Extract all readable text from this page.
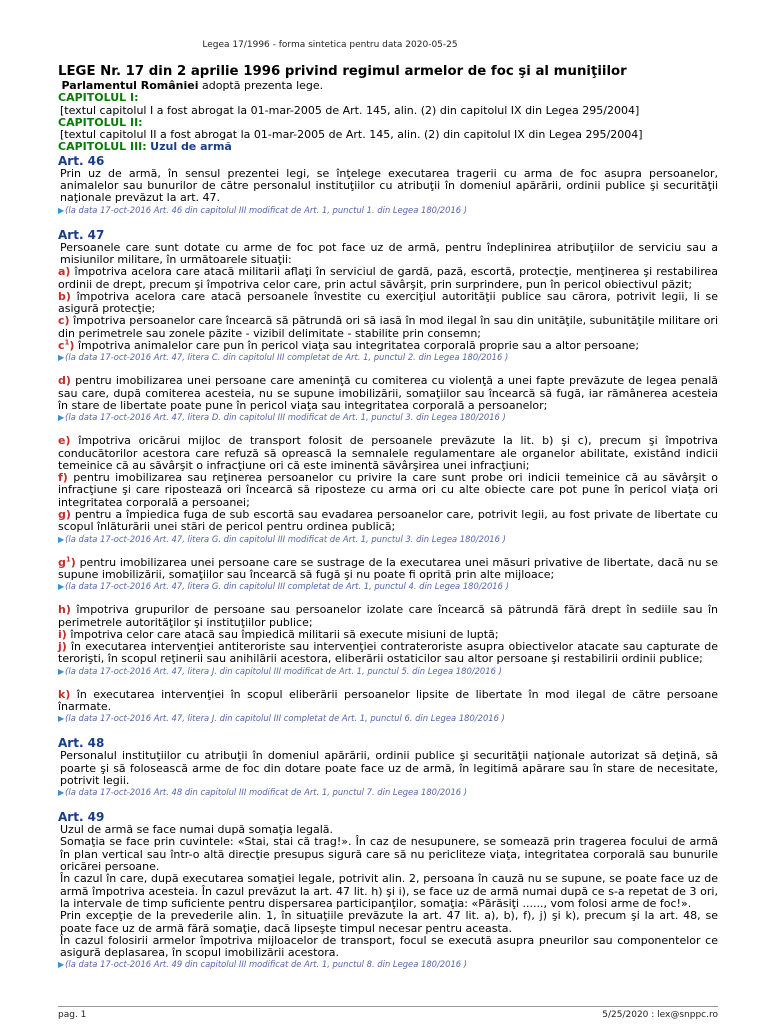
Legea 17/1996 - forma sintetica pentru data 2020-05-25
LEGE Nr. 17 din 2 aprilie 1996 privind regimul armelor de foc şi al muniţiilor
Parlamentul României adoptă prezenta lege.
CAPITOLUL I:
[textul capitolul I a fost abrogat la 01-mar-2005 de Art. 145, alin. (2) din capitolul IX din Legea 295/2004]
CAPITOLUL II:
[textul capitolul II a fost abrogat la 01-mar-2005 de Art. 145, alin. (2) din capitolul IX din Legea 295/2004]
CAPITOLUL III: Uzul de armă
Art. 46
Prin uz de armă, în sensul prezentei legi, se înţelege executarea tragerii cu arma de foc asupra persoanelor, animalelor sau bunurilor de către personalul instituţiilor cu atribuţii în domeniul apărării, ordinii publice şi securităţii naţionale prevăzut la art. 47.
▶(la data 17-oct-2016 Art. 46 din capitolul III modificat de Art. 1, punctul 1. din Legea 180/2016 )
Art. 47
Persoanele care sunt dotate cu arme de foc pot face uz de armă, pentru îndeplinirea atribuţiilor de serviciu sau a misiunilor militare, în următoarele situaţii:
a) împotriva acelora care atacă militarii aflaţi în serviciul de gardă, pază, escortă, protecţie, menţinerea şi restabilirea ordinii de drept, precum şi împotriva celor care, prin actul săvârşit, prin surprindere, pun în pericol obiectivul păzit;
b) împotriva acelora care atacă persoanele învestite cu exerciţiul autorităţii publice sau cărora, potrivit legii, li se asigură protecţie;
c) împotriva persoanelor care încearcă să pătrundă ori să iasă în mod ilegal în sau din unităţile, subunităţile militare ori din perimetrele sau zonele păzite - vizibil delimitate - stabilite prin consemn;
$c^1$) împotriva animalelor care pun în pericol viaţa sau integritatea corporală proprie sau a altor persoane;
▶(la data 17-oct-2016 Art. 47, litera C. din capitolul III completat de Art. 1, punctul 2. din Legea 180/2016 )
d) pentru imobilizarea unei persoane care ameninţă cu comiterea cu violenţă a unei fapte prevăzute de legea penală sau care, după comiterea acesteia, nu se supune imobilizării, somaţiilor sau încearcă să fugă, iar rămânerea acesteia în stare de libertate poate pune în pericol viaţa sau integritatea corporală a persoanelor;
▶(la data 17-oct-2016 Art. 47, litera D. din capitolul III modificat de Art. 1, punctul 3. din Legea 180/2016 )
e) împotriva oricărui mijloc de transport folosit de persoanele prevăzute la lit. b) şi c), precum şi împotriva conducătorilor acestora care refuză să oprească la semnalele regulamentare ale organelor abilitate, existând indicii temeinice că au săvârşit o infracţiune ori că este iminentă săvârşirea unei infracţiuni;
f) pentru imobilizarea sau reţinerea persoanelor cu privire la care sunt probe ori indicii temeinice că au săvârşit o infracţiune şi care ripostează ori încearcă să riposteze cu arma ori cu alte obiecte care pot pune în pericol viaţa ori integritatea corporală a persoanei;
g) pentru a împiedica fuga de sub escortă sau evadarea persoanelor care, potrivit legii, au fost private de libertate cu scopul înlăturării unei stări de pericol pentru ordinea publică;
▶(la data 17-oct-2016 Art. 47, litera G. din capitolul III modificat de Art. 1, punctul 3. din Legea 180/2016 )
$g^1$) pentru imobilizarea unei persoane care se sustrage de la executarea unei măsuri privative de libertate, dacă nu se supune imobilizării, somaţiilor sau încearcă să fugă şi nu poate fi oprită prin alte mijloace;
▶(la data 17-oct-2016 Art. 47, litera G. din capitolul III completat de Art. 1, punctul 4. din Legea 180/2016 )
h) împotriva grupurilor de persoane sau persoanelor izolate care încearcă să pătrundă fără drept în sediile sau în perimetrele autorităţilor şi instituţiilor publice;
i) împotriva celor care atacă sau împiedică militarii să execute misiuni de luptă;
j) în executarea intervenţiei antiteroriste sau intervenţiei contrateroriste asupra obiectivelor atacate sau capturate de terorişti, în scopul reţinerii sau anihilării acestora, eliberării ostaticilor sau altor persoane şi restabilirii ordinii publice;
▶(la data 17-oct-2016 Art. 47, litera J. din capitolul III modificat de Art. 1, punctul 5. din Legea 180/2016 )
k) în executarea intervenţiei în scopul eliberării persoanelor lipsite de libertate în mod ilegal de către persoane înarmate.
▶(la data 17-oct-2016 Art. 47, litera J. din capitolul III completat de Art. 1, punctul 6. din Legea 180/2016 )
Art. 48
Personalul instituţiilor cu atribuţii în domeniul apărării, ordinii publice şi securităţii naţionale autorizat să deţină, să poarte şi să folosească arme de foc din dotare poate face uz de armă, în legitimă apărare sau în stare de necesitate, potrivit legii.
▶(la data 17-oct-2016 Art. 48 din capitolul III modificat de Art. 1, punctul 7. din Legea 180/2016 )
Art. 49
Uzul de armă se face numai după somaţia legală.
Somaţia se face prin cuvintele: «Stai, stai că trag!». În caz de nesupunere, se somează prin tragerea focului de armă în plan vertical sau într-o altă direcţie presupus sigură care să nu pericliteze viaţa, integritatea corporală sau bunurile oricărei persoane.
În cazul în care, după executarea somaţiei legale, potrivit alin. 2, persoana în cauză nu se supune, se poate face uz de armă împotriva acesteia. În cazul prevăzut la art. 47 lit. h) şi i), se face uz de armă numai după ce s-a repetat de 3 ori, la intervale de timp suficiente pentru dispersarea participanţilor, somaţia: «Părăsiţi ......, vom folosi arme de foc!».
Prin excepţie de la prevederile alin. 1, în situaţiile prevăzute la art. 47 lit. a), b), f), j) şi k), precum şi la art. 48, se poate face uz de armă fără somaţie, dacă lipseşte timpul necesar pentru aceasta.
În cazul folosirii armelor împotriva mijloacelor de transport, focul se execută asupra pneurilor sau componentelor ce asigură deplasarea, în scopul imobilizării acestora.
▶(la data 17-oct-2016 Art. 49 din capitolul III modificat de Art. 1, punctul 8. din Legea 180/2016 )
pag. 1	5/25/2020 : lex@snppc.ro
